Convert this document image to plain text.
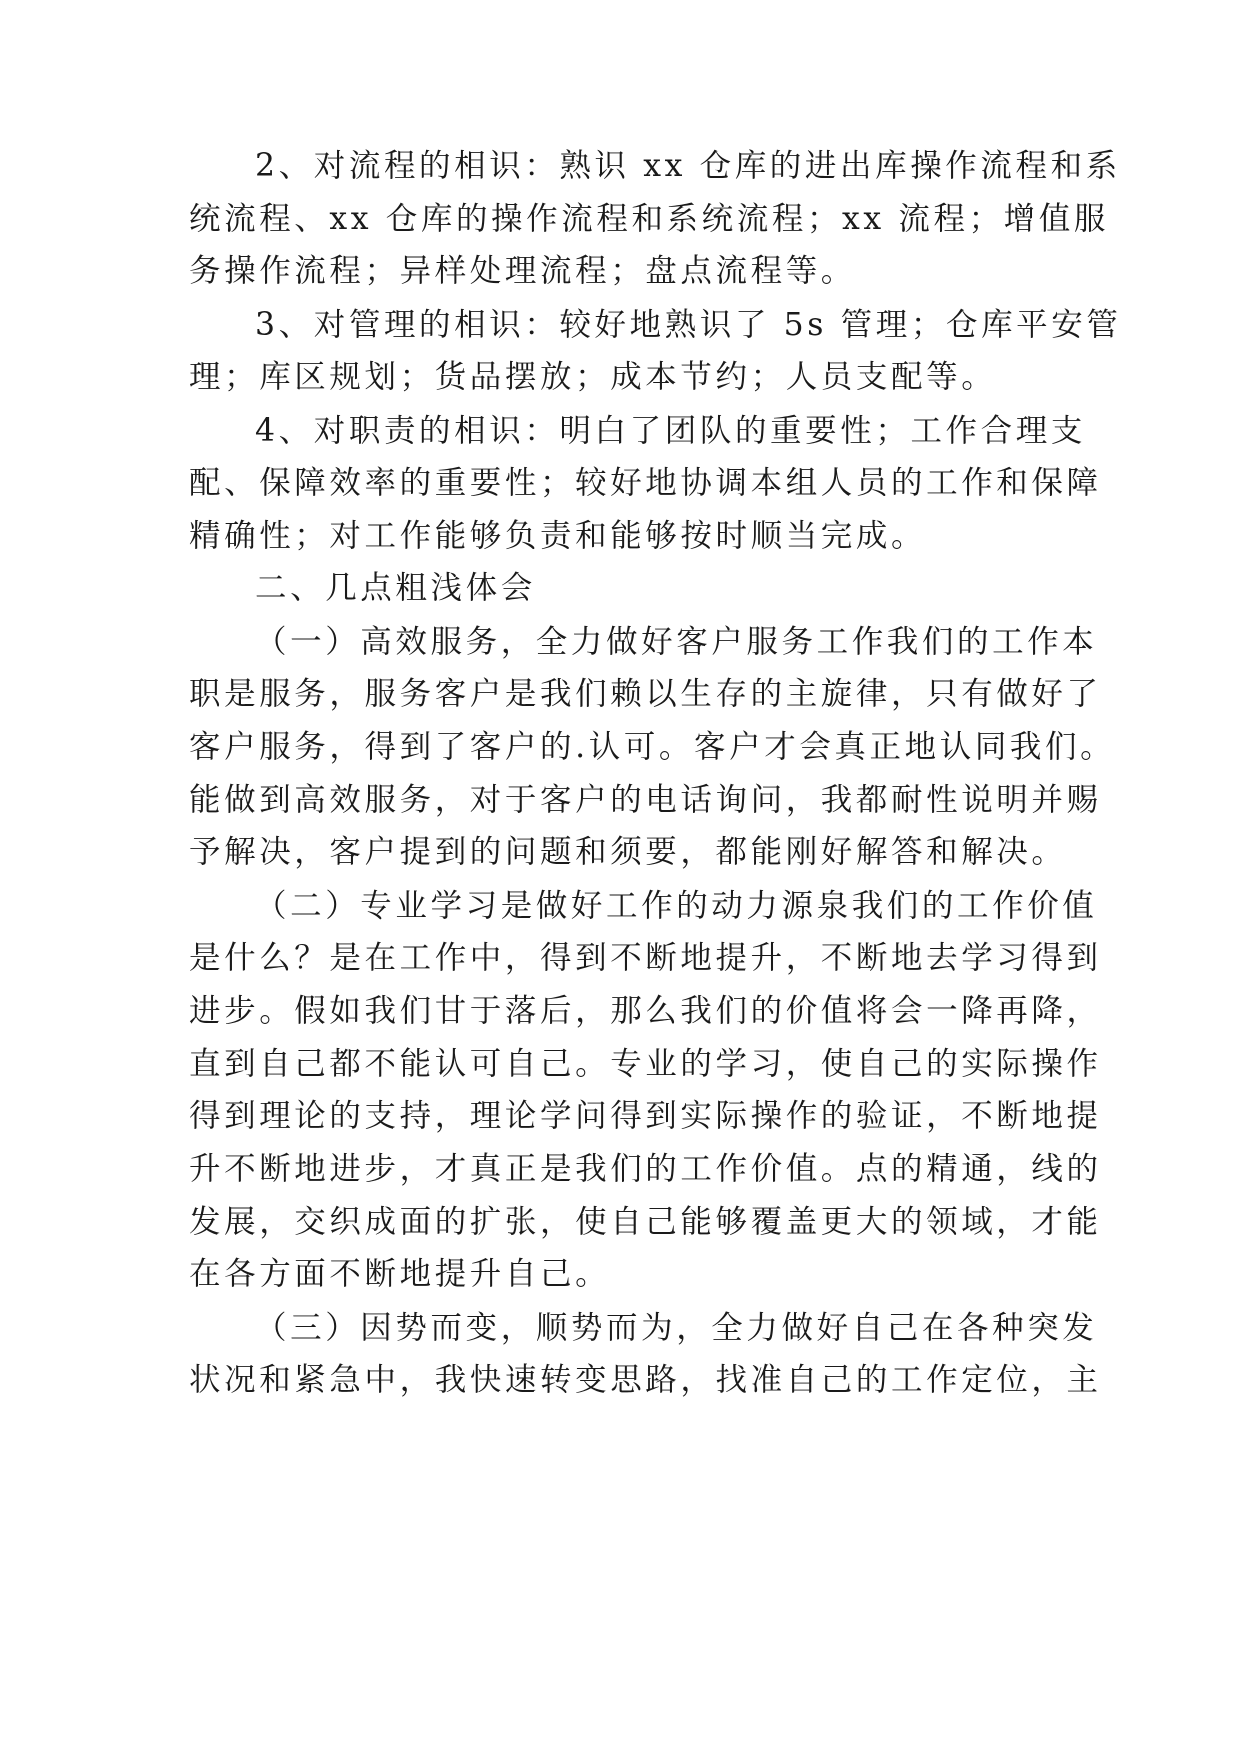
2、对流程的相识：熟识 xx 仓库的进出库操作流程和系
统流程、xx 仓库的操作流程和系统流程；xx 流程；增值服
务操作流程；异样处理流程；盘点流程等。
3、对管理的相识：较好地熟识了 5s 管理；仓库平安管
理；库区规划；货品摆放；成本节约；人员支配等。
4、对职责的相识：明白了团队的重要性；工作合理支
配、保障效率的重要性；较好地协调本组人员的工作和保障
精确性；对工作能够负责和能够按时顺当完成。
二、几点粗浅体会
（一）高效服务，全力做好客户服务工作我们的工作本
职是服务，服务客户是我们赖以生存的主旋律，只有做好了
客户服务，得到了客户的.认可。客户才会真正地认同我们。
能做到高效服务，对于客户的电话询问，我都耐性说明并赐
予解决，客户提到的问题和须要，都能刚好解答和解决。
（二）专业学习是做好工作的动力源泉我们的工作价值
是什么？是在工作中，得到不断地提升，不断地去学习得到
进步。假如我们甘于落后，那么我们的价值将会一降再降，
直到自己都不能认可自己。专业的学习，使自己的实际操作
得到理论的支持，理论学问得到实际操作的验证，不断地提
升不断地进步，才真正是我们的工作价值。点的精通，线的
发展，交织成面的扩张，使自己能够覆盖更大的领域，才能
在各方面不断地提升自己。
（三）因势而变，顺势而为，全力做好自己在各种突发
状况和紧急中，我快速转变思路，找准自己的工作定位，主
